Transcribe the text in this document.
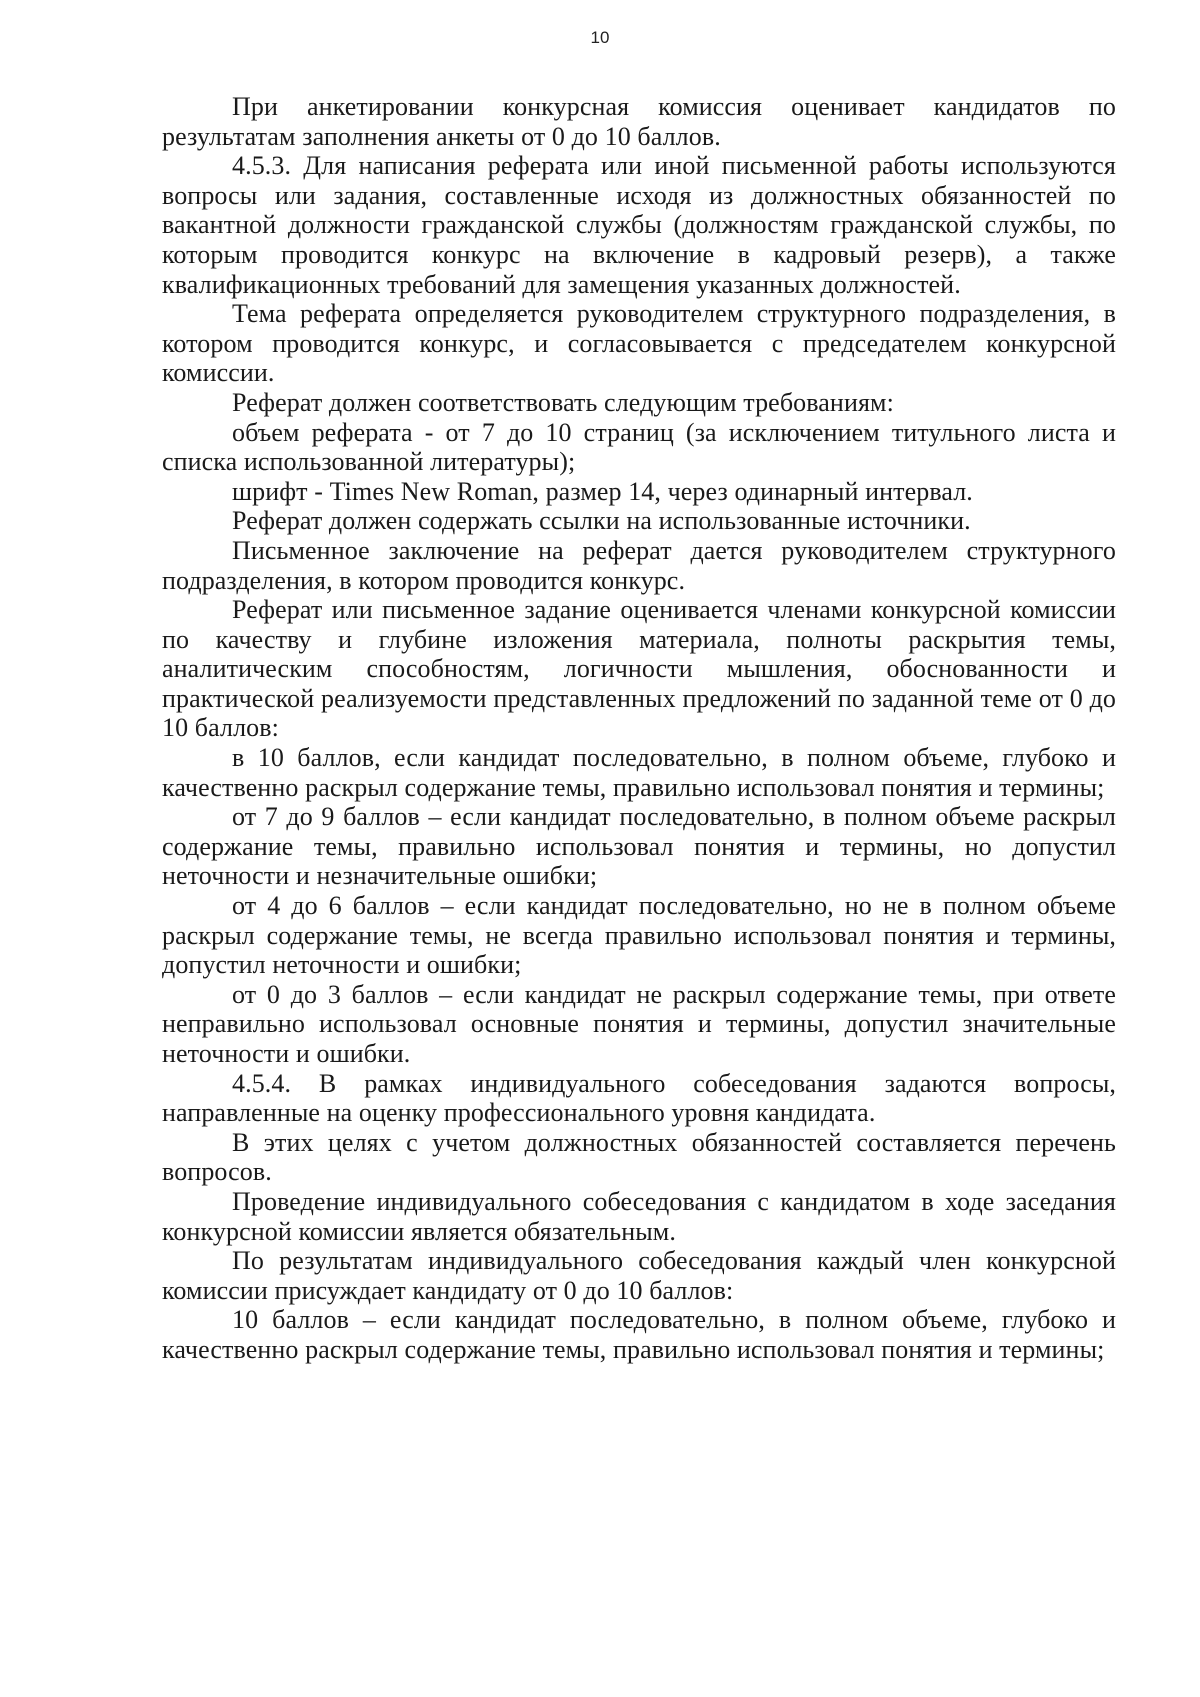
10

При анкетировании конкурсная комиссия оценивает кандидатов по результатам заполнения анкеты от 0 до 10 баллов.

4.5.3. Для написания реферата или иной письменной работы используются вопросы или задания, составленные исходя из должностных обязанностей по вакантной должности гражданской службы (должностям гражданской службы, по которым проводится конкурс на включение в кадровый резерв), а также квалификационных требований для замещения указанных должностей.

Тема реферата определяется руководителем структурного подразделения, в котором проводится конкурс, и согласовывается с председателем конкурсной комиссии.

Реферат должен соответствовать следующим требованиям:

объем реферата - от 7 до 10 страниц (за исключением титульного листа и списка использованной литературы);

шрифт - Times New Roman, размер 14, через одинарный интервал.

Реферат должен содержать ссылки на использованные источники.

Письменное заключение на реферат дается руководителем структурного подразделения, в котором проводится конкурс.

Реферат или письменное задание оценивается членами конкурсной комиссии по качеству и глубине изложения материала, полноты раскрытия темы, аналитическим способностям, логичности мышления, обоснованности и практической реализуемости представленных предложений по заданной теме от 0 до 10 баллов:

в 10 баллов, если кандидат последовательно, в полном объеме, глубоко и качественно раскрыл содержание темы, правильно использовал понятия и термины;

от 7 до 9 баллов – если кандидат последовательно, в полном объеме раскрыл содержание темы, правильно использовал понятия и термины, но допустил неточности и незначительные ошибки;

от 4 до 6 баллов – если кандидат последовательно, но не в полном объеме раскрыл содержание темы, не всегда правильно использовал понятия и термины, допустил неточности и ошибки;

от 0 до 3 баллов – если кандидат не раскрыл содержание темы, при ответе неправильно использовал основные понятия и термины, допустил значительные неточности и ошибки.

4.5.4. В рамках индивидуального собеседования задаются вопросы, направленные на оценку профессионального уровня кандидата.

В этих целях с учетом должностных обязанностей составляется перечень вопросов.

Проведение индивидуального собеседования с кандидатом в ходе заседания конкурсной комиссии является обязательным.

По результатам индивидуального собеседования каждый член конкурсной комиссии присуждает кандидату от 0 до 10 баллов:

10 баллов – если кандидат последовательно, в полном объеме, глубоко и качественно раскрыл содержание темы, правильно использовал понятия и термины;
